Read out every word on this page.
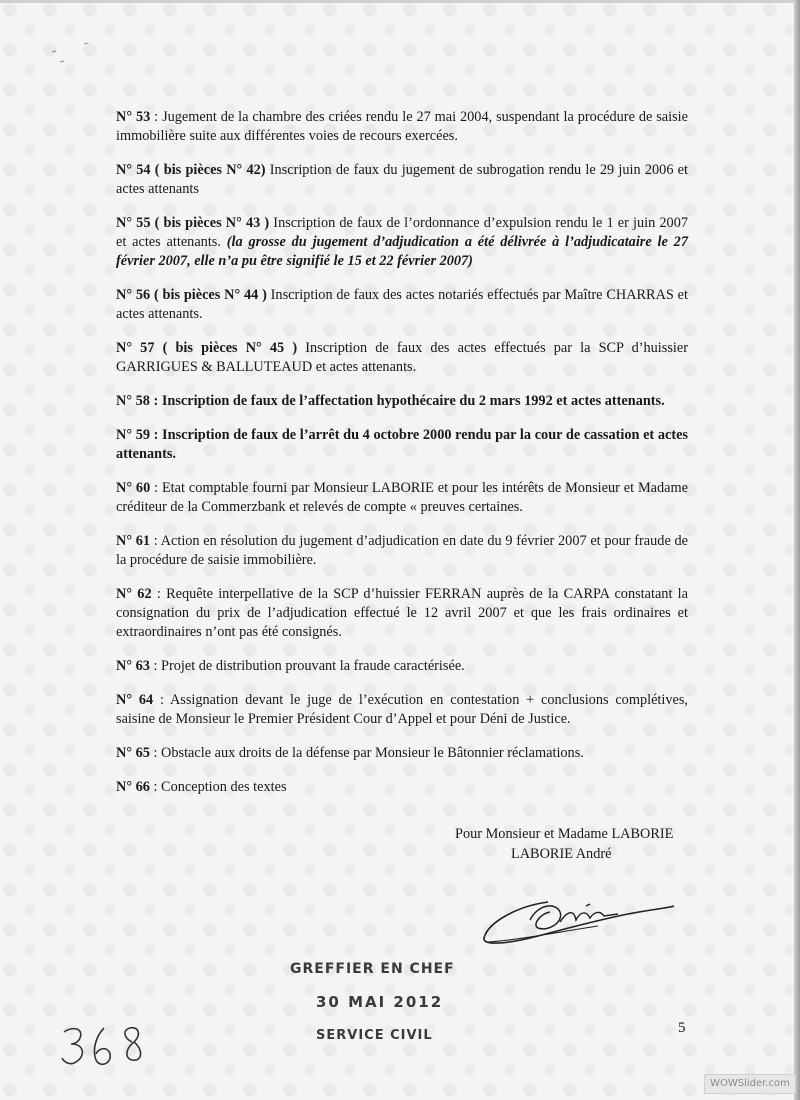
N° 53 : Jugement de la chambre des criées rendu le 27 mai 2004, suspendant la procédure de saisie immobilière suite aux différentes voies de recours exercées.

N° 54 ( bis pièces N° 42) Inscription de faux du jugement de subrogation rendu le 29 juin 2006 et actes attenants

N° 55 ( bis pièces N° 43 ) Inscription de faux de l’ordonnance d’expulsion rendu le 1 er juin 2007 et actes attenants. (la grosse du jugement d’adjudication a été délivrée à l’adjudicataire le 27 février 2007, elle n’a pu être signifié le 15 et 22 février 2007)

N° 56 ( bis pièces N° 44 ) Inscription de faux des actes notariés effectués par Maître CHARRAS et actes attenants.

N° 57 ( bis pièces N° 45 ) Inscription de faux des actes effectués par la SCP d’huissier GARRIGUES & BALLUTEAUD et actes attenants.

N° 58 : Inscription de faux de l’affectation hypothécaire du 2 mars 1992 et actes attenants.

N° 59 : Inscription de faux de l’arrêt du 4 octobre 2000 rendu par la cour de cassation et actes attenants.

N° 60 : Etat comptable fourni par Monsieur LABORIE et pour les intérêts de Monsieur et Madame créditeur de la Commerzbank et relevés de compte « preuves certaines.

N° 61 : Action en résolution du jugement d’adjudication en date du 9 février 2007 et pour fraude de la procédure de saisie immobilière.

N° 62 : Requête interpellative de la SCP d’huissier FERRAN auprès de la CARPA constatant la consignation du prix de l’adjudication effectué le 12 avril 2007 et que les frais ordinaires et extraordinaires n’ont pas été consignés.

N° 63 : Projet de distribution prouvant la fraude caractérisée.

N° 64 : Assignation devant le juge de l’exécution en contestation + conclusions complétives, saisine de Monsieur le Premier Président Cour d’Appel et pour Déni de Justice.

N° 65 : Obstacle aux droits de la défense par Monsieur le Bâtonnier réclamations.

N° 66 : Conception des textes

Pour Monsieur et Madame LABORIE
LABORIE André
GREFFIER EN CHEF
30 MAI 2012
SERVICE CIVIL	5
WOWSlider.com
